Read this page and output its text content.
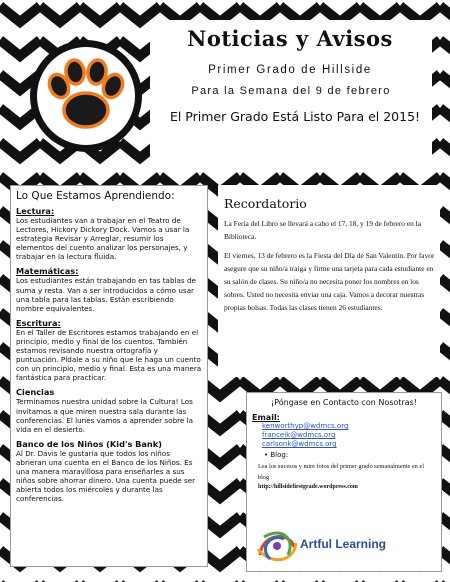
Noticias y Avisos
Primer Grado de Hillside
Para la Semana del 9 de febrero
El Primer Grado Está Listo Para el 2015!
Lo Que Estamos Aprendiendo:

Lectura:

Los estudiantes van a trabajar en el Teatro de Lectores, Hickory Dickory Dock. Vamos a usar la estrategia Revisar y Arreglar, resumir los elementos del cuento analizar los personajes, y trabajar en la lectura fluida.

Matemáticas:

Los estudiantes están trabajando en tas tablas de suma y resta. Van a ser introducidos a cómo usar una tabla para las tablas. Están escribiendo nombre equivalentes.

Escritura:

En el Taller de Escritores estamos trabajando en el principio, medio y final de los cuentos. También estamos revisando nuestra ortografía y puntuación. Pídale a su niño que le haga un cuento con un principio, medio y final. Esta es una manera fantástica para practicar.

Ciencias

Terminamos nuestra unidad sobre la Cultura! Los invitamos a que miren nuestra sala durante las conferencias. El lunes vamos a aprender sobre la vida en el desierto.

Banco de los Niños (Kid's Bank)

Al Dr. Davis le gustaría que todos los niños abrieran una cuenta en el Banco de los Niños. Es una manera maravillosa para enseñarles a sus niños sobre ahorrar dinero. Una cuenta puede ser abierta todos los miércoles y durante las conferencias.

Recordatorio

La Feria del Libro se llevará a cabo el 17, 18, y 19 de febrero en la Biblioteca.

El viernes, 13 de febrero es la Fiesta del Día de San Valentín. Por favor asegure que su niño/a traiga y firme una tarjeta para cada estudiante en su salón de clases. Su niño/a no necesita poner los nombres en los sobres. Usted no necesita enviar una caja. Vamos a decorar nuestras propias bolsas. Todas las clases tienen 26 estudiantes.

¡Póngase en Contacto con Nosotras!

Email:

kenworthyp@wdmcs.org
franceik@wdmcs.org
carlsonk@wdmcs.org

• Blog:

Lea los sucesos y mire fotos del primer grado semanalmente en el blog

http://hillsidefirstgrade.wordpress.com

Artful Learning
